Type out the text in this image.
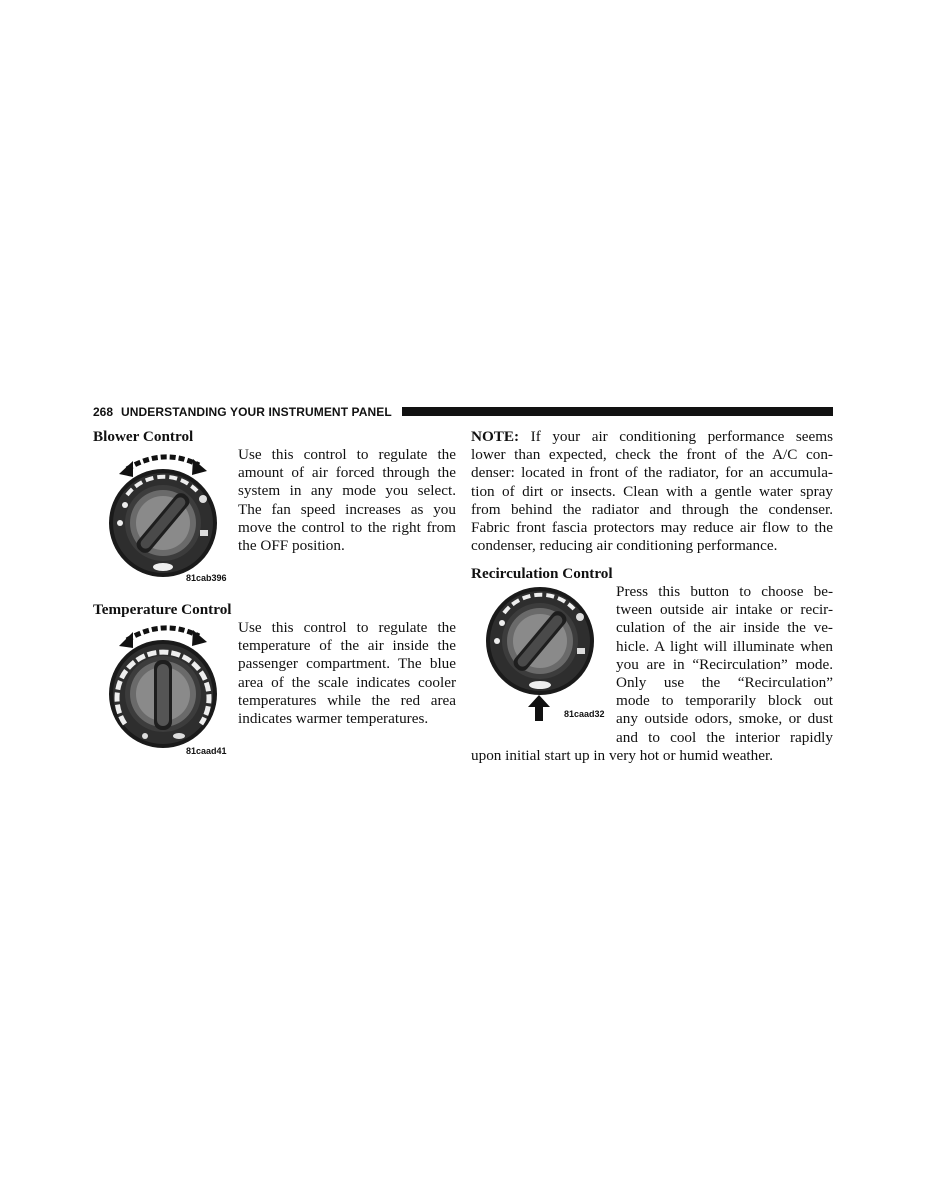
268 UNDERSTANDING YOUR INSTRUMENT PANEL
Blower Control
Use this control to regulate the
amount of air forced through the
system in any mode you select.
The fan speed increases as you
move the control to the right from
the OFF position.
81cab396
Temperature Control
Use this control to regulate the
temperature of the air inside the
passenger compartment. The blue
area of the scale indicates cooler
temperatures while the red area
indicates warmer temperatures.
81caad41
NOTE: If your air conditioning performance seems
lower than expected, check the front of the A/C con-
denser: located in front of the radiator, for an accumula-
tion of dirt or insects. Clean with a gentle water spray
from behind the radiator and through the condenser.
Fabric front fascia protectors may reduce air flow to the
condenser, reducing air conditioning performance.
Recirculation Control
Press this button to choose be-
tween outside air intake or recir-
culation of the air inside the ve-
hicle. A light will illuminate when
you are in “Recirculation” mode.
Only use the “Recirculation”
mode to temporarily block out
any outside odors, smoke, or dust
and to cool the interior rapidly
upon initial start up in very hot or humid weather.
81caad32
